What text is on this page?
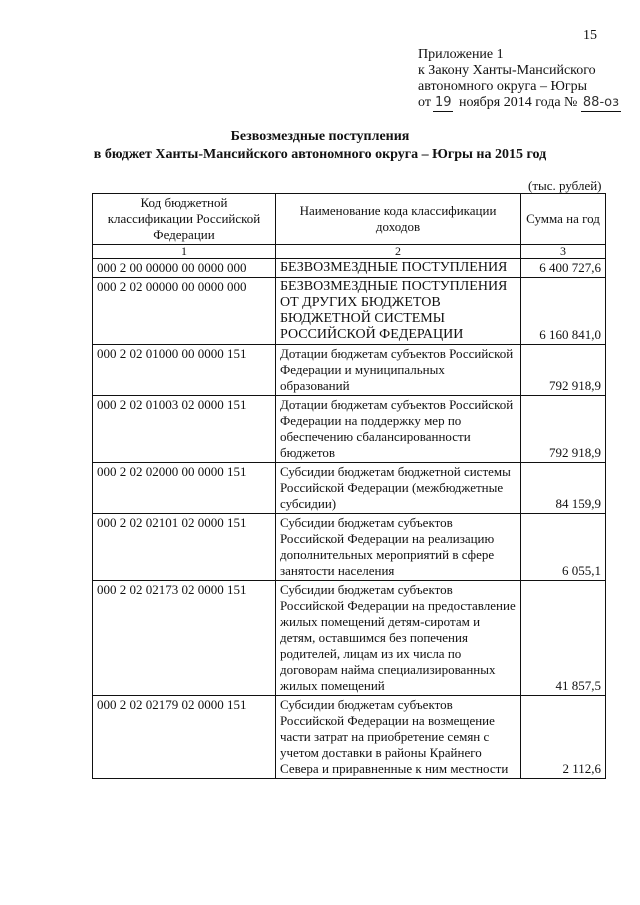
15
Приложение 1
к Закону Ханты-Мансийского
автономного округа – Югры
от 19 ноября 2014 года № 88-оз
Безвозмездные поступления
в бюджет Ханты-Мансийского автономного округа – Югры на 2015 год
(тыс. рублей)
Код бюджетной классификации Российской Федерации	Наименование кода классификации доходов	Сумма на год
1	2	3
000 2 00 00000 00 0000 000	БЕЗВОЗМЕЗДНЫЕ ПОСТУПЛЕНИЯ	6 400 727,6
000 2 02 00000 00 0000 000	БЕЗВОЗМЕЗДНЫЕ ПОСТУПЛЕНИЯ ОТ ДРУГИХ БЮДЖЕТОВ БЮДЖЕТНОЙ СИСТЕМЫ РОССИЙСКОЙ ФЕДЕРАЦИИ	6 160 841,0
000 2 02 01000 00 0000 151	Дотации бюджетам субъектов Российской Федерации и муниципальных образований	792 918,9
000 2 02 01003 02 0000 151	Дотации бюджетам субъектов Российской Федерации на поддержку мер по обеспечению сбалансированности бюджетов	792 918,9
000 2 02 02000 00 0000 151	Субсидии бюджетам бюджетной системы Российской Федерации (межбюджетные субсидии)	84 159,9
000 2 02 02101 02 0000 151	Субсидии бюджетам субъектов Российской Федерации на реализацию дополнительных мероприятий в сфере занятости населения	6 055,1
000 2 02 02173 02 0000 151	Субсидии бюджетам субъектов Российской Федерации на предоставление жилых помещений детям-сиротам и детям, оставшимся без попечения родителей, лицам из их числа по договорам найма специализированных жилых помещений	41 857,5
000 2 02 02179 02 0000 151	Субсидии бюджетам субъектов Российской Федерации на возмещение части затрат на приобретение семян с учетом доставки в районы Крайнего Севера и приравненные к ним местности	2 112,6
